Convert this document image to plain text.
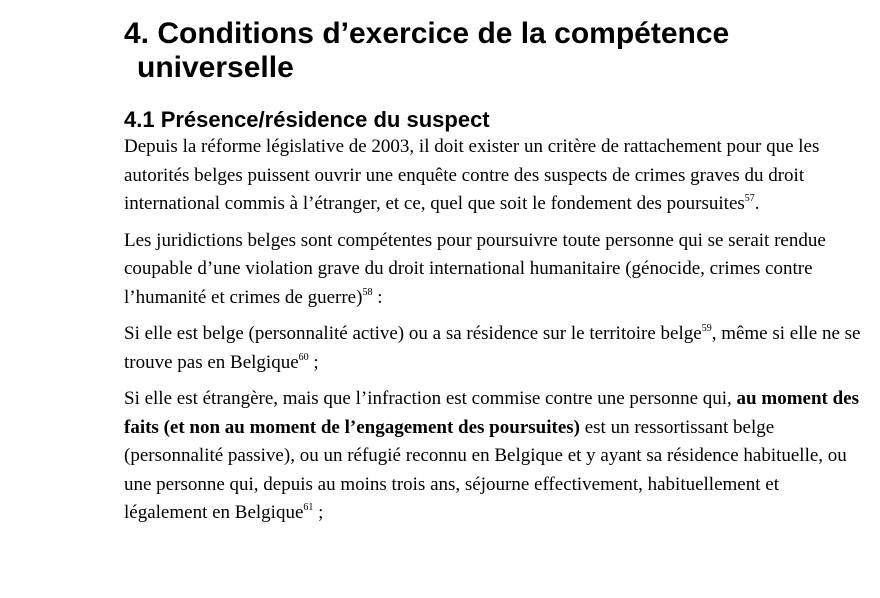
4. Conditions d’exercice de la compétence
universelle
4.1 Présence/résidence du suspect

Depuis la réforme législative de 2003, il doit exister un critère de rattachement pour que les autorités belges puissent ouvrir une enquête contre des suspects de crimes graves du droit international commis à l’étranger, et ce, quel que soit le fondement des poursuites$^{57}$.

Les juridictions belges sont compétentes pour poursuivre toute personne qui se serait rendue coupable d’une violation grave du droit international humanitaire (génocide, crimes contre l’humanité et crimes de guerre)$^{58}$ :

Si elle est belge (personnalité active) ou a sa résidence sur le territoire belge$^{59}$, même si elle ne se trouve pas en Belgique$^{60}$ ;

Si elle est étrangère, mais que l’infraction est commise contre une personne qui, au moment des faits (et non au moment de l’engagement des poursuites) est un ressortissant belge (personnalité passive), ou un réfugié reconnu en Belgique et y ayant sa résidence habituelle, ou une personne qui, depuis au moins trois ans, séjourne effectivement, habituellement et légalement en Belgique$^{61}$ ;
